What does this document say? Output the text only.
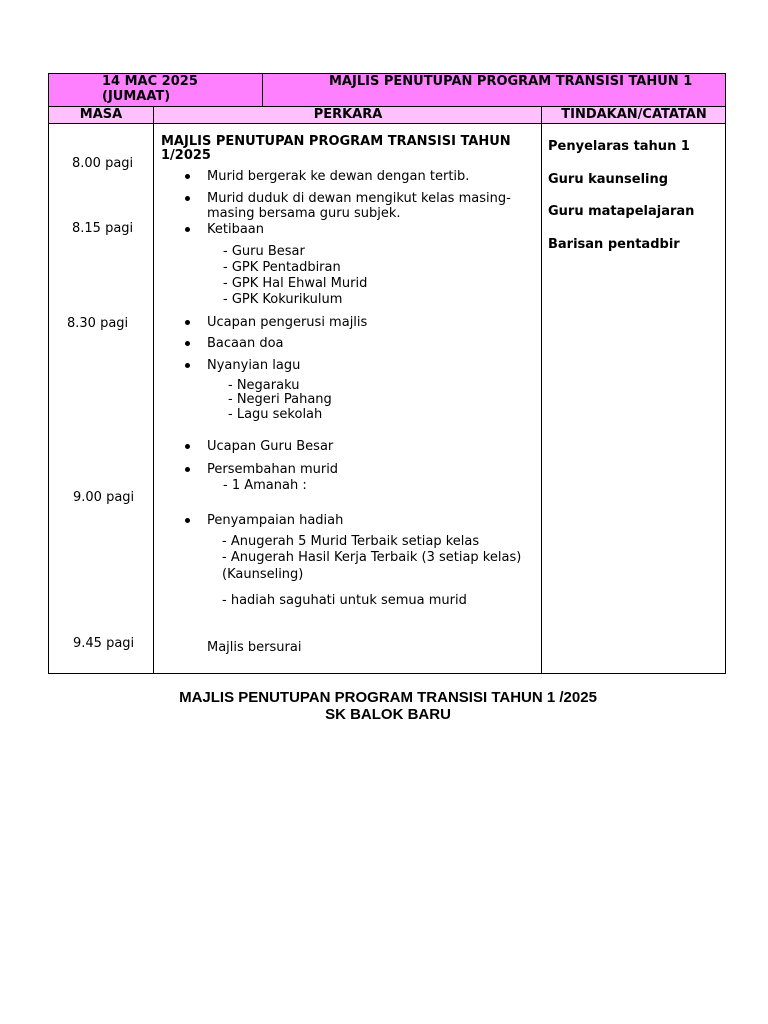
14 MAC 2025
(JUMAAT)
MAJLIS PENUTUPAN PROGRAM TRANSISI TAHUN 1
MASA	PERKARA	TINDAKAN/CATATAN
8.00 pagi
8.15 pagi
8.30 pagi
9.00 pagi
9.45 pagi
MAJLIS PENUTUPAN PROGRAM TRANSISI TAHUN
1/2025
Murid bergerak ke dewan dengan tertib.
Murid duduk di dewan mengikut kelas masing-
masing bersama guru subjek.
Ketibaan
- Guru Besar
- GPK Pentadbiran
- GPK Hal Ehwal Murid
- GPK Kokurikulum
Ucapan pengerusi majlis
Bacaan doa
Nyanyian lagu
- Negaraku
- Negeri Pahang
- Lagu sekolah
Ucapan Guru Besar
Persembahan murid
- 1 Amanah :
Penyampaian hadiah
- Anugerah 5 Murid Terbaik setiap kelas
- Anugerah Hasil Kerja Terbaik (3 setiap kelas)
(Kaunseling)
- hadiah saguhati untuk semua murid
Majlis bersurai
Penyelaras tahun 1
Guru kaunseling
Guru matapelajaran
Barisan pentadbir
MAJLIS PENUTUPAN PROGRAM TRANSISI TAHUN 1 /2025
SK BALOK BARU
